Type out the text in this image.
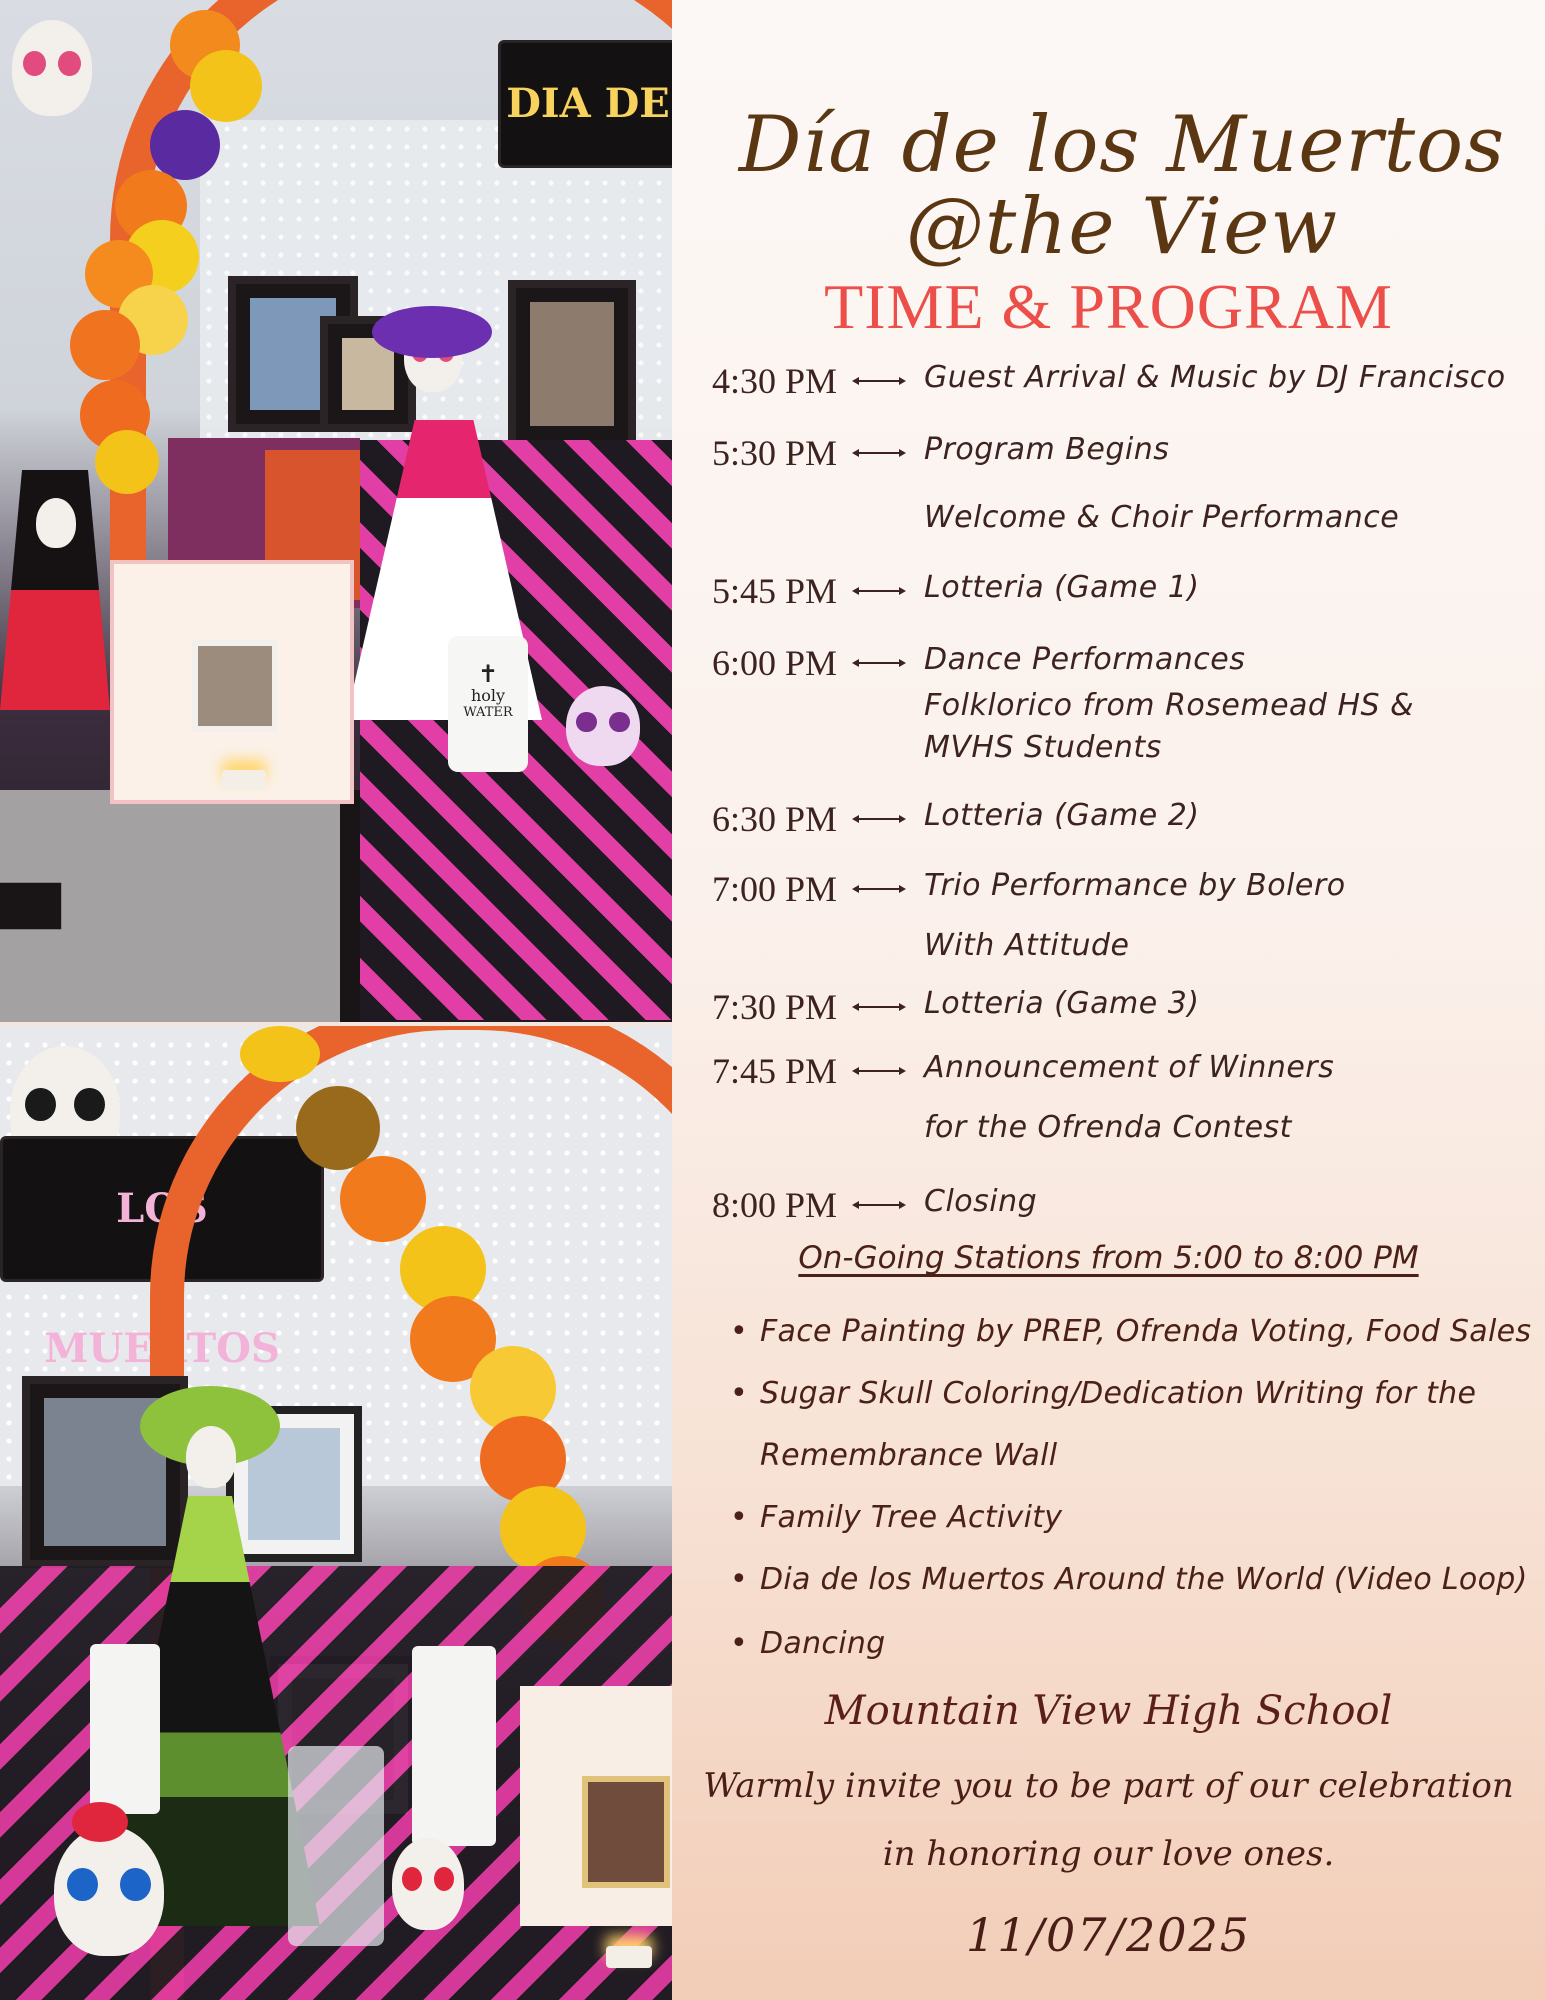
DIA DE
✝
holy
WATER
LOS MUERTOS
Día de los Muertos @the View
TIME & PROGRAM
4:30 PM	Guest Arrival & Music by DJ Francisco
5:30 PM	Program Begins
Welcome & Choir Performance
5:45 PM	Lotteria (Game 1)
6:00 PM	Dance Performances
Folklorico from Rosemead HS &
MVHS Students
6:30 PM	Lotteria (Game 2)
7:00 PM	Trio Performance by Bolero
With Attitude
7:30 PM	Lotteria (Game 3)
7:45 PM	Announcement of Winners
for the Ofrenda Contest
8:00 PM	Closing
On-Going Stations from 5:00 to 8:00 PM
• Face Painting by PREP, Ofrenda Voting, Food Sales
• Sugar Skull Coloring/Dedication Writing for the
Remembrance Wall
• Family Tree Activity
• Dia de los Muertos Around the World (Video Loop)
• Dancing
Mountain View High School
Warmly invite you to be part of our celebration
in honoring our love ones.
11/07/2025
